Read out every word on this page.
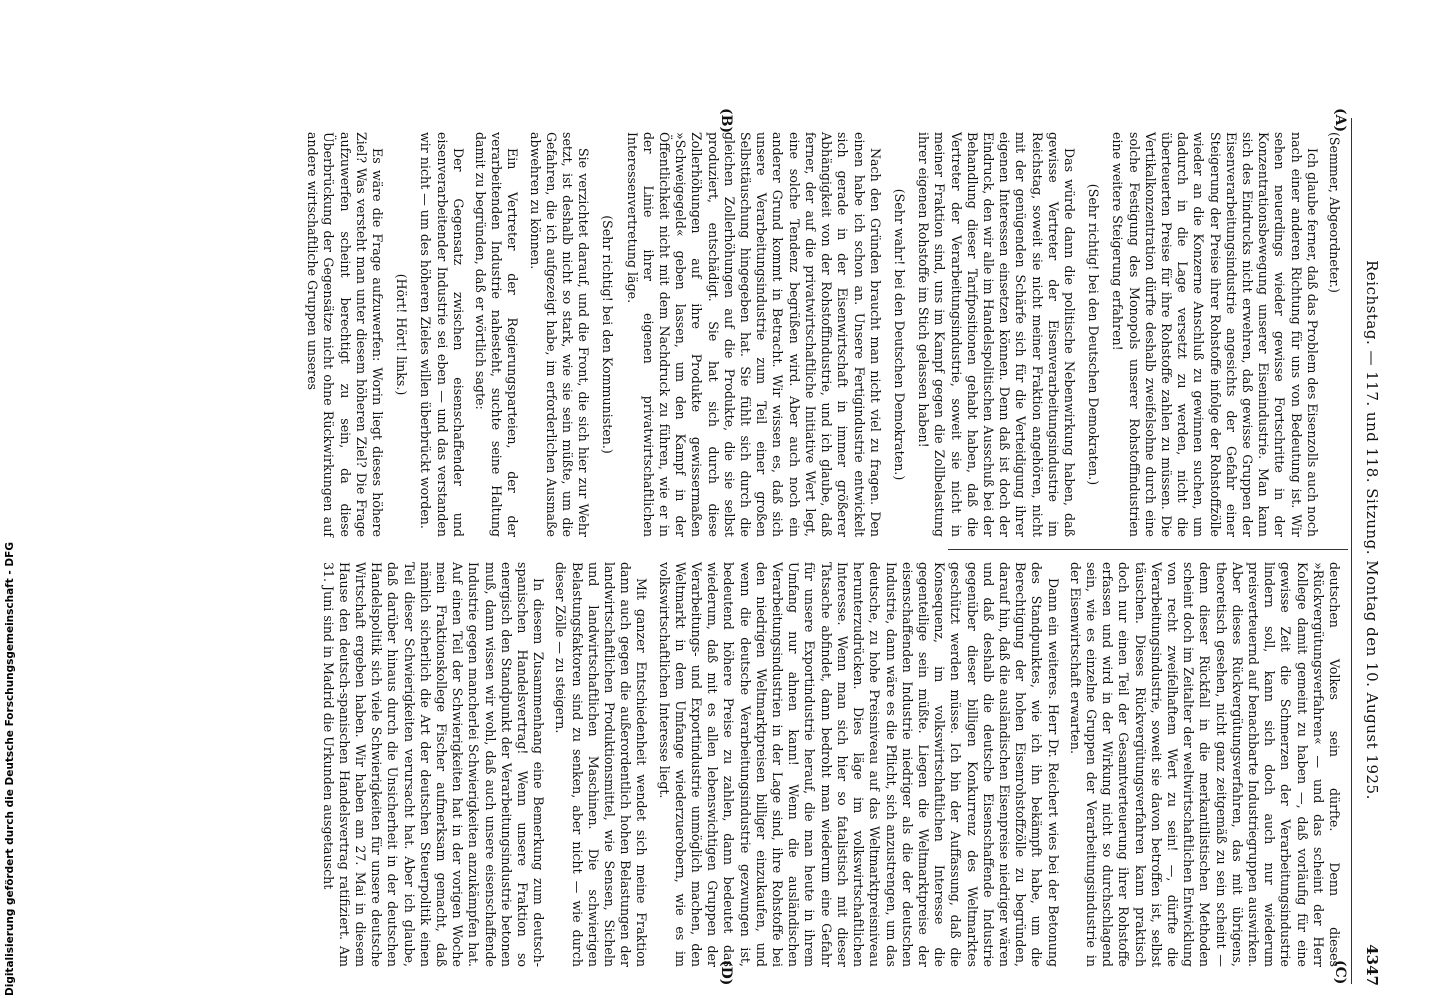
Reichstag. — 117. und 118. Sitzung. Montag den 10. August 1925.
4347
(A)
(B)
(C)
(D)

(Semmer, Abgeordneter.)

Ich glaube ferner, daß das Problem des Eisenzolls auch noch nach einer anderen Richtung für uns von Bedeutung ist. Wir sehen neuerdings wieder gewisse Fortschritte in der Konzentrationsbewegung unserer Eisenindustrie. Man kann sich des Eindrucks nicht erwehren, daß gewisse Gruppen der Eisenverarbeitungsindustrie angesichts der Gefahr einer Steigerung der Preise ihrer Rohstoffe infolge der Rohstoffzölle wieder an die Konzerne Anschluß zu gewinnen suchen, um dadurch in die Lage versetzt zu werden, nicht die überteuerten Preise für ihre Rohstoffe zahlen zu müssen. Die Vertikalkonzentration dürfte deshalb zweifelsohne durch eine solche Festigung des Monopols unserer Rohstoffindustrien eine weitere Steigerung erfahren!

(Sehr richtig! bei den Deutschen Demokraten.)

Das würde dann die politische Nebenwirkung haben, daß gewisse Vertreter der Eisenverarbeitungsindustrie im Reichstag, soweit sie nicht meiner Fraktion angehören, nicht mit der genügenden Schärfe sich für die Verteidigung ihrer eigenen Interessen einsetzen können. Denn daß ist doch der Eindruck, den wir alle im Handelspolitischen Ausschuß bei der Behandlung dieser Tarifpositionen gehabt haben, daß die Vertreter der Verarbeitungsindustrie, soweit sie nicht in meiner Fraktion sind, uns im Kampf gegen die Zollbelastung ihrer eigenen Rohstoffe im Stich gelassen haben!

(Sehr wahr! bei den Deutschen Demokraten.)

Nach den Gründen braucht man nicht viel zu fragen. Den einen habe ich schon an. Unsere Fertigindustrie entwickelt sich gerade in der Eisenwirtschaft in immer größerer Abhängigkeit von der Rohstoffindustrie, und ich glaube, daß ferner, der auf die privatwirtschaftliche Initiative Wert legt, eine solche Tendenz begrüßen wird. Aber auch noch ein anderer Grund kommt in Betracht. Wir wissen es, daß sich unsere Verarbeitungsindustrie zum Teil einer großen Selbsttäuschung hingegeben hat. Sie fühlt sich durch die gleichen Zollerhöhungen auf die Produkte, die sie selbst produziert, entschädigt. Sie hat sich durch diese Zollerhöhungen auf ihre Produkte gewissermaßen »Schweigegeld« geben lassen, um den Kampf in der Öffentlichkeit nicht mit dem Nachdruck zu führen, wie er in der Linie ihrer eigenen privatwirtschaftlichen Interessenvertretung läge.

(Sehr richtig! bei den Kommunisten.)

Sie verzichtet darauf, und die Front, die sich hier zur Wehr setzt, ist deshalb nicht so stark, wie sie sein müßte, um die Gefahren, die ich aufgezeigt habe, im erforderlichen Ausmaße abwehren zu können.

Ein Vertreter der Regierungsparteien, der der verarbeitenden Industrie nahesteht, suchte seine Haltung damit zu begründen, daß er wörtlich sagte:

Der Gegensatz zwischen eisenschaffender und eisenverarbeitender Industrie sei eben — und das verstanden wir nicht — um des höheren Zieles willen überbrückt worden.

(Hört! Hört! links.)

Es wäre die Frage aufzuwerfen: Worin liegt dieses höhere Ziel? Was versteht man unter diesem höheren Ziel? Die Frage aufzuwerfen scheint berechtigt zu sein, da diese Überbrückung der Gegensätze nicht ohne Rückwirkungen auf andere wirtschaftliche Gruppen unseres

deutschen Volkes sein dürfte. Denn dieses »Rückvergütungsverfahren« — und das scheint der Herr Kollege damit gemeint zu haben —, daß vorläufig für eine gewisse Zeit die Schmerzen der Verarbeitungsindustrie lindern soll, kann sich doch auch nur wiederum preisverteuernd auf benachbarte Industriegruppen auswirken. Aber dieses Rückvergütungsverfahren, das mit übrigens, theoretisch gesehen, nicht ganz zeitgemäß zu sein scheint — denn dieser Rückfall in die merkantilistischen Methoden scheint doch im Zeitalter der weltwirtschaftlichen Entwicklung von recht zweifelhaftem Wert zu sein! —, dürfte die Verarbeitungsindustrie, soweit sie davon betroffen ist, selbst täuschen. Dieses Rückvergütungsverfahren kann praktisch doch nur einen Teil der Gesamtverteuerung ihrer Rohstoffe erfassen und wird in der Wirkung nicht so durchschlagend sein, wie es einzelne Gruppen der Verarbeitungsindustrie in der Eisenwirtschaft erwarten.

Dann ein weiteres. Herr Dr. Reichert wies bei der Betonung des Standpunktes, wie ich ihn bekämpft habe, um die Berechtigung der hohen Eisenrohstoffzölle zu begründen, darauf hin, daß die ausländischen Eisenpreise niedriger wären und daß deshalb die deutsche Eisenschaffende Industrie gegenüber dieser billigen Konkurrenz des Weltmarktes geschützt werden müsse. Ich bin der Auffassung, daß die Konsequenz, im volkswirtschaftlichen Interesse die gegenteilige sein müßte. Liegen die Weltmarktpreise der eisenschaffenden Industrie niedriger als die der deutschen Industrie, dann wäre es die Pflicht, sich anzustrengen, um das deutsche, zu hohe Preisniveau auf das Weltmarktpreisniveau herunterzudrücken. Dies läge im volkswirtschaftlichen Interesse. Wenn man sich hier so fatalistisch mit dieser Tatsache abfindet, dann bedroht man wiederum eine Gefahr für unsere Exportindustrie herauf, die man heute in ihrem Umfang nur ahnen kann! Wenn die ausländischen Verarbeitungsindustrien in der Lage sind, ihre Rohstoffe bei den niedrigen Weltmarktpreisen billiger einzukaufen, und wenn die deutsche Verarbeitungsindustrie gezwungen ist, bedeutend höhere Preise zu zahlen, dann bedeutet das wiederum, daß mit es allen lebenswichtigen Gruppen der Verarbeitungs- und Exportindustrie unmöglich machen, den Weltmarkt in dem Umfange wiederzuerobern, wie es im volkswirtschaftlichen Interesse liegt.

Mit ganzer Entschiedenheit wendet sich meine Fraktion dann auch gegen die außerordentlich hohen Belastungen der landwirtschaftlichen Produktionsmittel, wie Sensen, Sicheln und landwirtschaftlichen Maschinen. Die schwierigen Belastungsfaktoren sind zu senken, aber nicht — wie durch dieser Zölle — zu steigern.

In diesem Zusammenhang eine Bemerkung zum deutsch-spanischen Handelsvertrag! Wenn unsere Fraktion so energisch den Standpunkt der Verarbeitungsindustrie betonen muß, dann wissen wir wohl, daß auch unsere eisenschaffende Industrie gegen mancherlei Schwierigkeiten anzukämpfen hat. Auf einen Teil der Schwierigkeiten hat in der vorigen Woche mein Fraktionskollege Fischer aufmerksam gemacht, daß nämlich sicherlich die Art der deutschen Steuerpolitik einen Teil dieser Schwierigkeiten verursacht hat. Aber ich glaube, daß darüber hinaus durch die Unsicherheit in der deutschen Handelspolitik sich viele Schwierigkeiten für unsere deutsche Wirtschaft ergeben haben. Wir haben am 27. Mai in diesem Hause den deutsch-spanischen Handelsvertrag ratifiziert. Am 31. Juni sind in Madrid die Urkunden ausgetauscht

Digitalisierung gefördert durch die Deutsche Forschungsgemeinschaft - DFG
